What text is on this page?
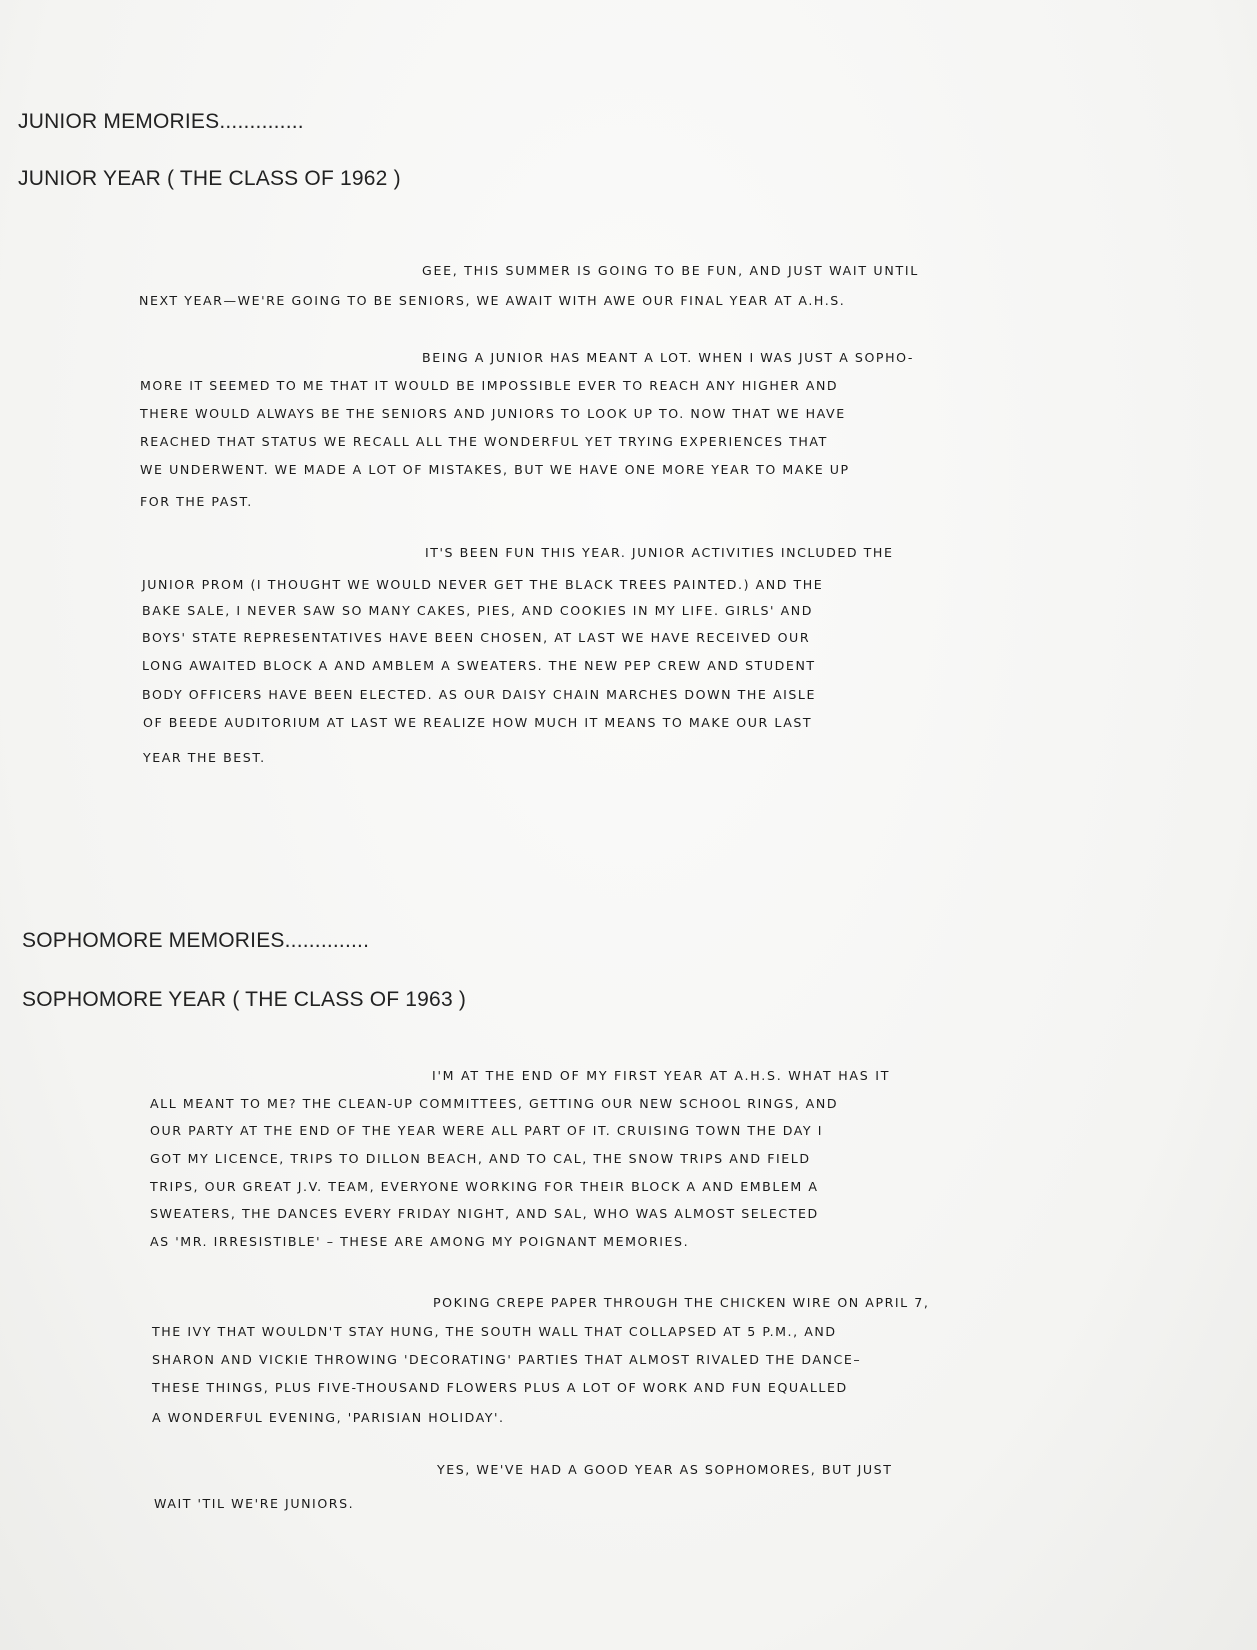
JUNIOR MEMORIES..............
JUNIOR YEAR ( THE CLASS OF 1962 )
GEE, THIS SUMMER IS GOING TO BE FUN, AND JUST WAIT UNTIL
NEXT YEAR—WE'RE GOING TO BE SENIORS, WE AWAIT WITH AWE OUR FINAL YEAR AT A.H.S.
BEING A JUNIOR HAS MEANT A LOT. WHEN I WAS JUST A SOPHO-
MORE IT SEEMED TO ME THAT IT WOULD BE IMPOSSIBLE EVER TO REACH ANY HIGHER AND
THERE WOULD ALWAYS BE THE SENIORS AND JUNIORS TO LOOK UP TO. NOW THAT WE HAVE
REACHED THAT STATUS WE RECALL ALL THE WONDERFUL YET TRYING EXPERIENCES THAT
WE UNDERWENT. WE MADE A LOT OF MISTAKES, BUT WE HAVE ONE MORE YEAR TO MAKE UP
FOR THE PAST.
IT'S BEEN FUN THIS YEAR. JUNIOR ACTIVITIES INCLUDED THE
JUNIOR PROM (I THOUGHT WE WOULD NEVER GET THE BLACK TREES PAINTED.) AND THE
BAKE SALE, I NEVER SAW SO MANY CAKES, PIES, AND COOKIES IN MY LIFE. GIRLS' AND
BOYS' STATE REPRESENTATIVES HAVE BEEN CHOSEN, AT LAST WE HAVE RECEIVED OUR
LONG AWAITED BLOCK A AND AMBLEM A SWEATERS. THE NEW PEP CREW AND STUDENT
BODY OFFICERS HAVE BEEN ELECTED. AS OUR DAISY CHAIN MARCHES DOWN THE AISLE
OF BEEDE AUDITORIUM AT LAST WE REALIZE HOW MUCH IT MEANS TO MAKE OUR LAST
YEAR THE BEST.
SOPHOMORE MEMORIES..............
SOPHOMORE YEAR ( THE CLASS OF 1963 )
I'M AT THE END OF MY FIRST YEAR AT A.H.S. WHAT HAS IT
ALL MEANT TO ME? THE CLEAN-UP COMMITTEES, GETTING OUR NEW SCHOOL RINGS, AND
OUR PARTY AT THE END OF THE YEAR WERE ALL PART OF IT. CRUISING TOWN THE DAY I
GOT MY LICENCE, TRIPS TO DILLON BEACH, AND TO CAL, THE SNOW TRIPS AND FIELD
TRIPS, OUR GREAT J.V. TEAM, EVERYONE WORKING FOR THEIR BLOCK A AND EMBLEM A
SWEATERS, THE DANCES EVERY FRIDAY NIGHT, AND SAL, WHO WAS ALMOST SELECTED
AS 'MR. IRRESISTIBLE' – THESE ARE AMONG MY POIGNANT MEMORIES.
POKING CREPE PAPER THROUGH THE CHICKEN WIRE ON APRIL 7,
THE IVY THAT WOULDN'T STAY HUNG, THE SOUTH WALL THAT COLLAPSED AT 5 P.M., AND
SHARON AND VICKIE THROWING 'DECORATING' PARTIES THAT ALMOST RIVALED THE DANCE–
THESE THINGS, PLUS FIVE-THOUSAND FLOWERS PLUS A LOT OF WORK AND FUN EQUALLED
A WONDERFUL EVENING, 'PARISIAN HOLIDAY'.
YES, WE'VE HAD A GOOD YEAR AS SOPHOMORES, BUT JUST
WAIT 'TIL WE'RE JUNIORS.
